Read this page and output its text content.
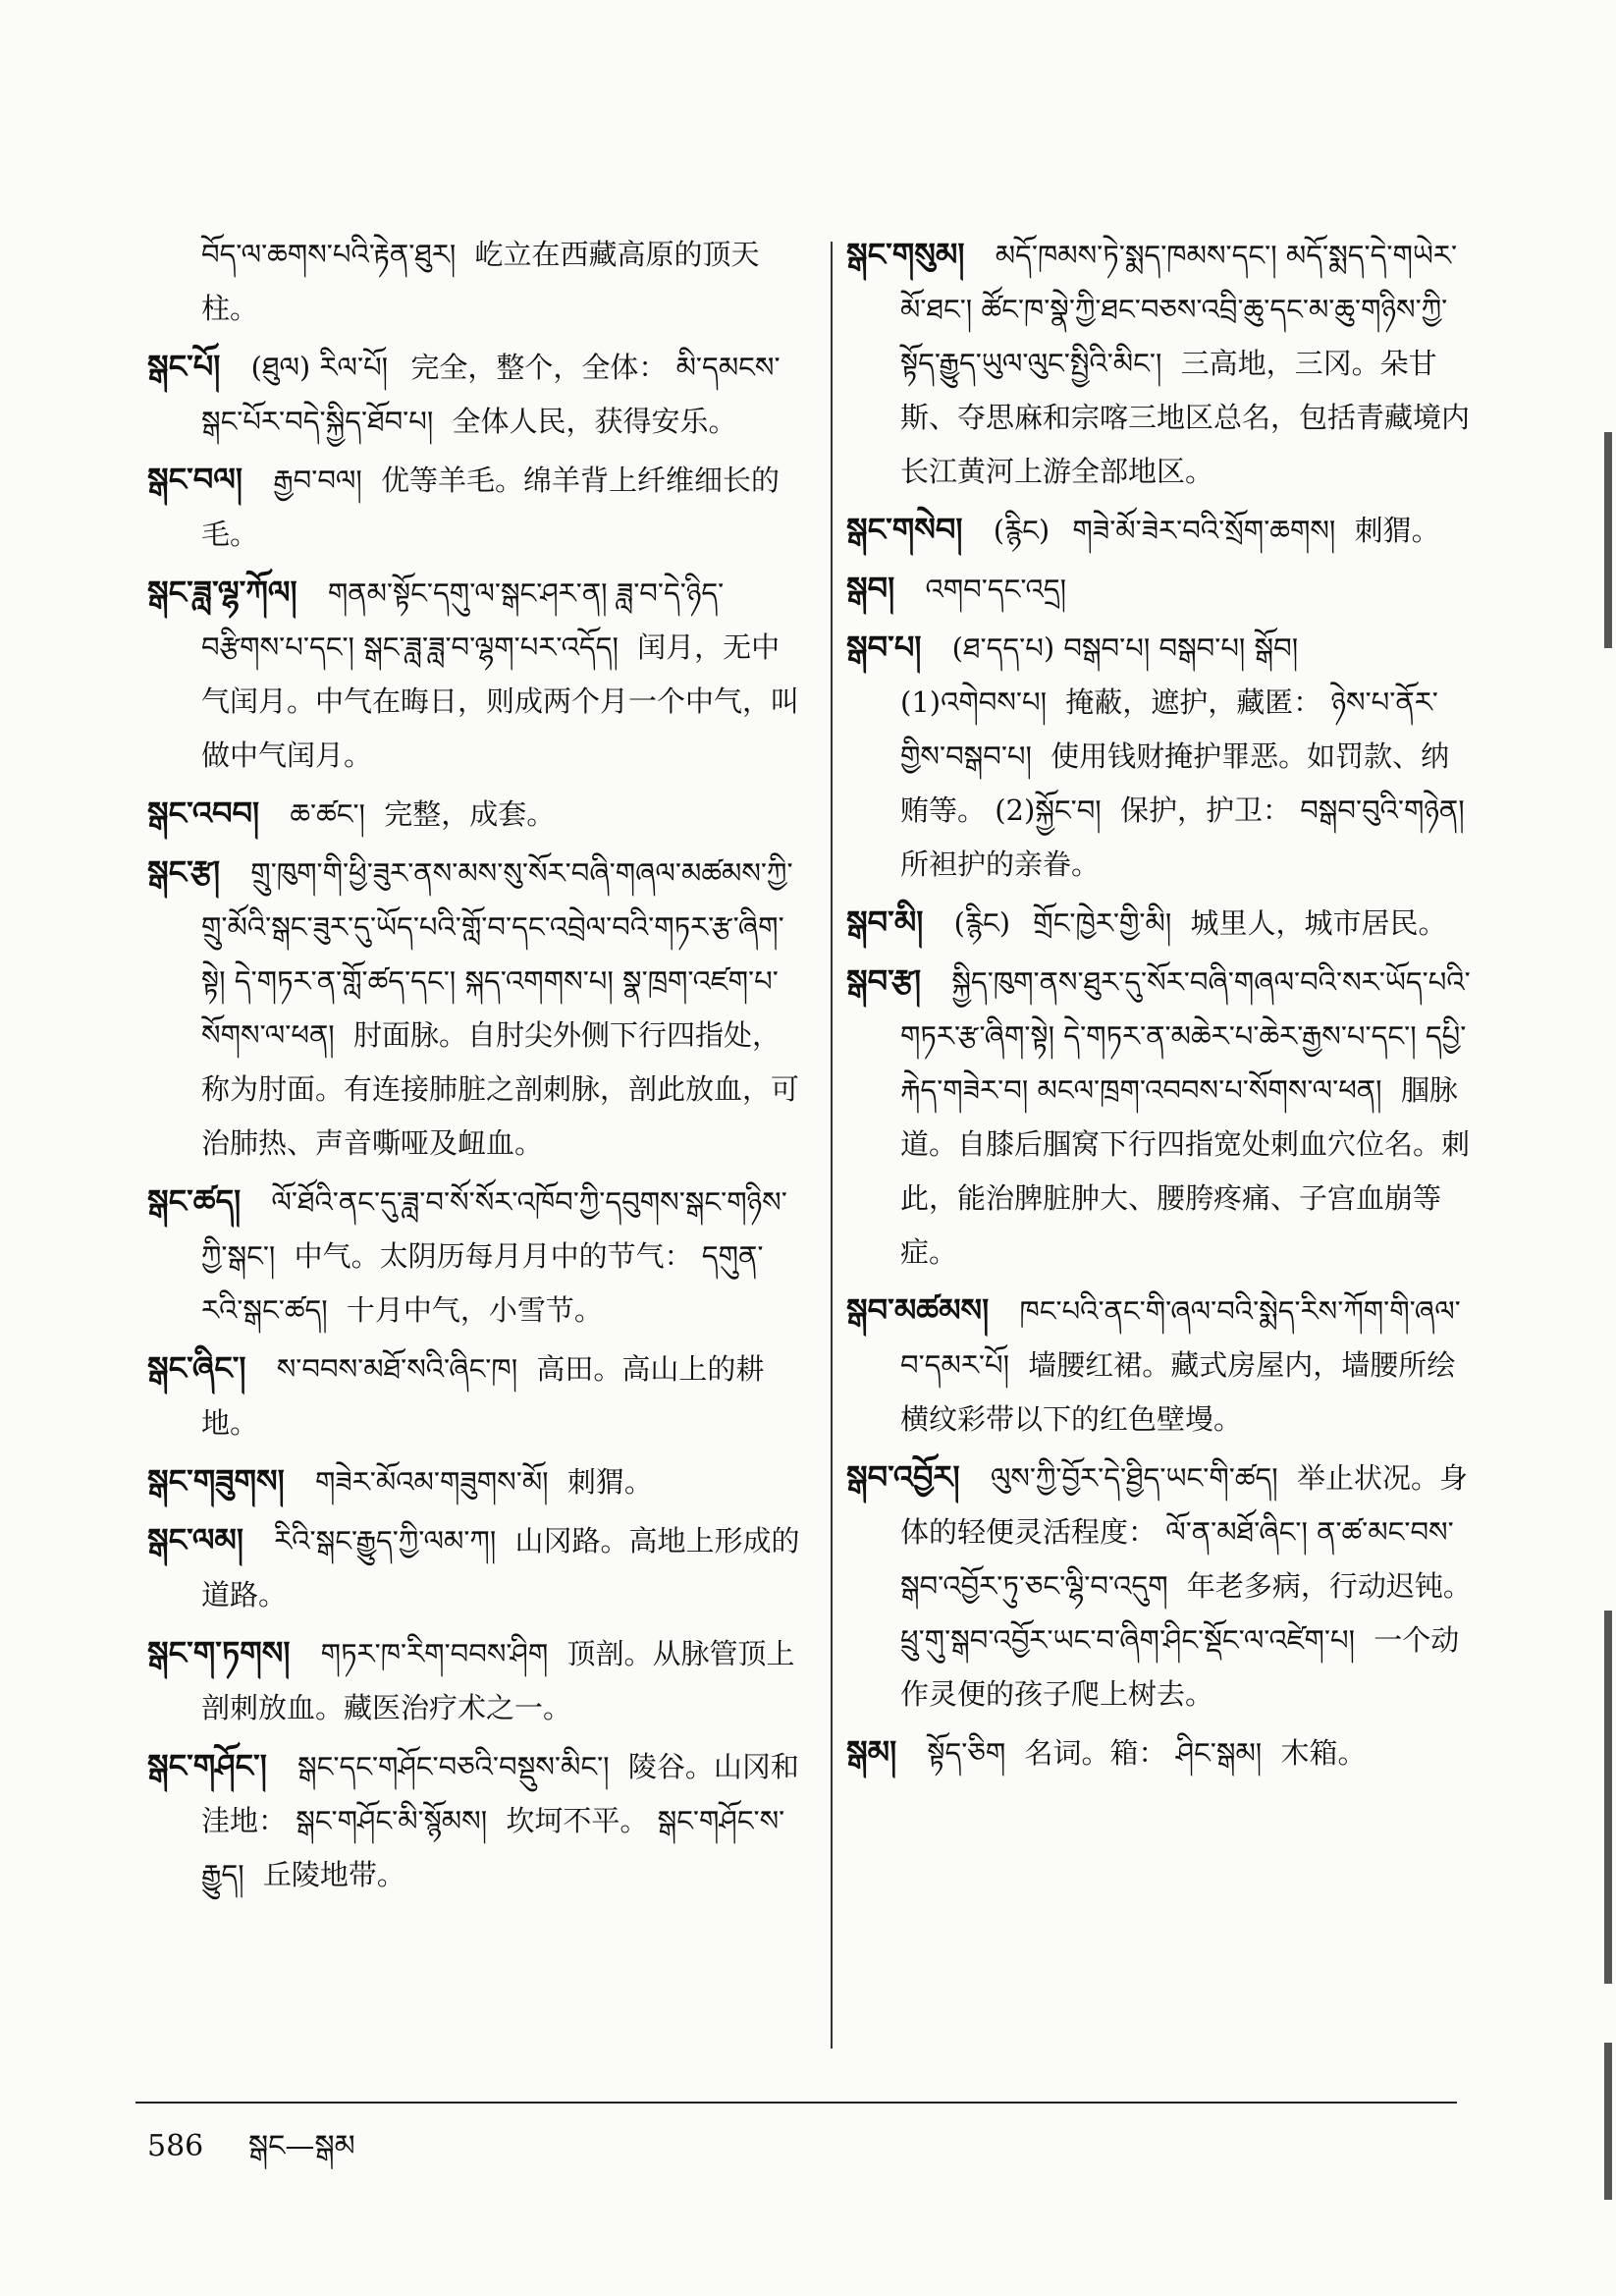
བོད་ལ་ཆགས་པའི་རྟེན་ཐུར། 屹立在西藏高原的顶天柱。

སྒང་པོ། (ཐུལ) རིལ་པོ། 完全，整个，全体： མི་དམངས་སྒང་པོར་བདེ་སྐྱིད་ཐོབ་པ། 全体人民，获得安乐。

སྒང་བལ། རྒྱབ་བལ། 优等羊毛。绵羊背上纤维细长的毛。

སྒང་ཟླ་ལྷ་ཀོལ། གནམ་སྟོང་དགུ་ལ་སྒང་ཤར་ན། ཟླ་བ་དེ་ཉིད་བརྩིགས་པ་དང་། སྒང་ཟླ་ཟླ་བ་ལྷག་པར་འདོད། 闰月，无中气闰月。中气在晦日，则成两个月一个中气，叫做中气闰月。

སྒང་འབབ། ཆ་ཚང་། 完整，成套。

སྒང་རྩ། གྲུ་ཁུག་གི་ཕྱི་ཟུར་ནས་མས་སུ་སོར་བཞི་གཞལ་མཚམས་ཀྱི་གྲུ་མོའི་སྒང་ཟུར་དུ་ཡོད་པའི་གློ་བ་དང་འབྲེལ་བའི་གཏར་རྩ་ཞིག་སྟེ། དེ་གཏར་ན་གློ་ཚད་དང་། སྐད་འགགས་པ། སྣ་ཁྲག་འཛག་པ་སོགས་ལ་ཕན། 肘面脉。自肘尖外侧下行四指处，称为肘面。有连接肺脏之剖刺脉，剖此放血，可治肺热、声音嘶哑及衄血。

སྒང་ཚད། ལོ་ཐོའི་ནང་དུ་ཟླ་བ་སོ་སོར་འཁོབ་ཀྱི་དབུགས་སྒང་གཉིས་ཀྱི་སྒང་། 中气。太阴历每月月中的节气： དགུན་རའི་སྒང་ཚད། 十月中气，小雪节。

སྒང་ཞིང་། ས་བབས་མཐོ་སའི་ཞིང་ཁ། 高田。高山上的耕地。

སྒང་གཟུགས། གཟེར་མོའམ་གཟུགས་མོ། 刺猬。

སྒང་ལམ། རིའི་སྒང་རྒྱུད་ཀྱི་ལམ་ཀ། 山冈路。高地上形成的道路。

སྒང་ག་ཏགས། གཏར་ཁ་རིག་བབས་ཤིག 顶剖。从脉管顶上剖刺放血。藏医治疗术之一。

སྒང་གཤོང་། སྒང་དང་གཤོང་བཅའི་བསྡུས་མིང་། 陵谷。山冈和洼地： སྒང་གཤོང་མི་སྙོམས། 坎坷不平。 སྒང་གཤོང་ས་རྒྱུད། 丘陵地带。

སྒང་གསུམ། མདོ་ཁམས་ཏེ་སྨད་ཁམས་དང་། མདོ་སྨད་དེ་གཡེར་མོ་ཐང་། ཚོང་ཁ་སྣེ་ཀྱི་ཐང་བཅས་འབྲི་ཆུ་དང་མ་ཆུ་གཉིས་ཀྱི་སྟོད་རྒྱུད་ཡུལ་ལུང་སྤྱིའི་མིང་། 三高地，三冈。朵甘斯、夺思麻和宗喀三地区总名，包括青藏境内长江黄河上游全部地区。

སྒང་གསེབ། (རྙིང) གཟེ་མོ་ཟེར་བའི་སྲོག་ཆགས། 刺猬。

སྒབ། འགབ་དང་འདྲ།

སྒབ་པ། (ཐ་དད་པ) བསྒབ་པ། བསྒབ་པ། སྒོབ།
(1)འགེབས་པ། 掩蔽，遮护，藏匿： ཉེས་པ་ནོར་གྱིས་བསྒབ་པ། 使用钱财掩护罪恶。如罚款、纳贿等。 (2)སྐྱོང་བ། 保护，护卫： བསྒབ་བུའི་གཉེན། 所袒护的亲眷。

སྒབ་མི། (རྙིང) གྲོང་ཁྱེར་གྱི་མི། 城里人，城市居民。

སྒབ་རྩ། སྐྱིད་ཁུག་ནས་ཐུར་དུ་སོར་བཞི་གཞལ་བའི་སར་ཡོད་པའི་གཏར་རྩ་ཞིག་སྟེ། དེ་གཏར་ན་མཆེར་པ་ཆེར་རྒྱས་པ་དང་། དཔྱི་རྐེད་གཟེར་བ། མངལ་ཁྲག་འབབས་པ་སོགས་ལ་ཕན། 腘脉道。自膝后腘窝下行四指宽处刺血穴位名。刺此，能治脾脏肿大、腰胯疼痛、子宫血崩等症。

སྒབ་མཚམས། ཁང་པའི་ནང་གི་ཞལ་བའི་སྨེད་རིས་ཀོག་གི་ཞལ་བ་དམར་པོ། 墙腰红裙。藏式房屋内，墙腰所绘横纹彩带以下的红色壁墁。

སྒབ་འབྱོར། ལུས་ཀྱི་བྱོར་དེ་ཐྱིད་ཡང་གི་ཚད། 举止状况。身体的轻便灵活程度： ལོ་ན་མཐོ་ཞིང་། ན་ཚ་མང་བས་སྒབ་འབྱོར་ཏུ་ཅང་ལྷི་བ་འདུག 年老多病，行动迟钝。 ཕྲུ་གུ་སྒབ་འབྱོར་ཡང་བ་ཞིག་ཤིང་སྡོང་ལ་འཛེག་པ། 一个动作灵便的孩子爬上树去。

སྒམ། སྟོད་ཅིག 名词。箱： ཤིང་སྒམ། 木箱。

586 སྒང—སྒམ
